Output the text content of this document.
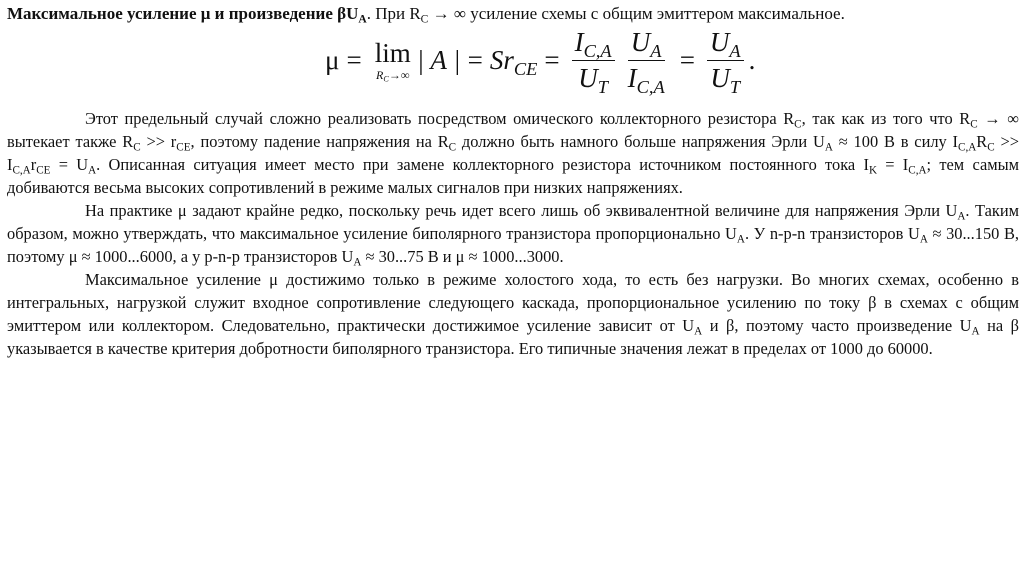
Максимальное усиление μ и произведение $\beta U_A$. При $R_C$ → ∞ усиление схемы с общим эмиттером максимальное.
μ = lim
$R_C\to\infty$ | A | = $Sr_{CE} = \frac{I_{C,A}}{U_T} \frac{U_A}{I_{C,A}} = \frac{U_A}{U_T}$ .

Этот предельный случай сложно реализовать посредством омического коллекторного резистора $R_C$, так как из того что $R_C$ → ∞ вытекает также $R_C >> r_{CE}$, поэтому падение напряжения на $R_C$ должно быть намного больше напряжения Эрли $U_A \approx 100$ В в силу $I_{C,A}R_C >> I_{C,A}r_{CE} = U_A$. Описанная ситуация имеет место при замене коллекторного резистора источником постоянного тока $I_K = I_{C,A}$; тем самым добиваются весьма высоких сопротивлений в режиме малых сигналов при низких напряжениях.

На практике μ задают крайне редко, поскольку речь идет всего лишь об эквивалентной величине для напряжения Эрли $U_A$. Таким образом, можно утверждать, что максимальное усиление биполярного транзистора пропорционально $U_A$. У n-p-n транзисторов $U_A \approx 30...150$ В, поэтому μ ≈ 1000...6000, а у p-n-p транзисторов $U_A \approx 30...75$ В и μ ≈ 1000...3000.

Максимальное усиление μ достижимо только в режиме холостого хода, то есть без нагрузки. Во многих схемах, особенно в интегральных, нагрузкой служит входное сопротивление следующего каскада, пропорциональное усилению по току β в схемах с общим эмиттером или коллектором. Следовательно, практически достижимое усиление зависит от $U_A$ и β, поэтому часто произведение $U_A$ на β указывается в качестве критерия добротности биполярного транзистора. Его типичные значения лежат в пределах от 1000 до 60000.
